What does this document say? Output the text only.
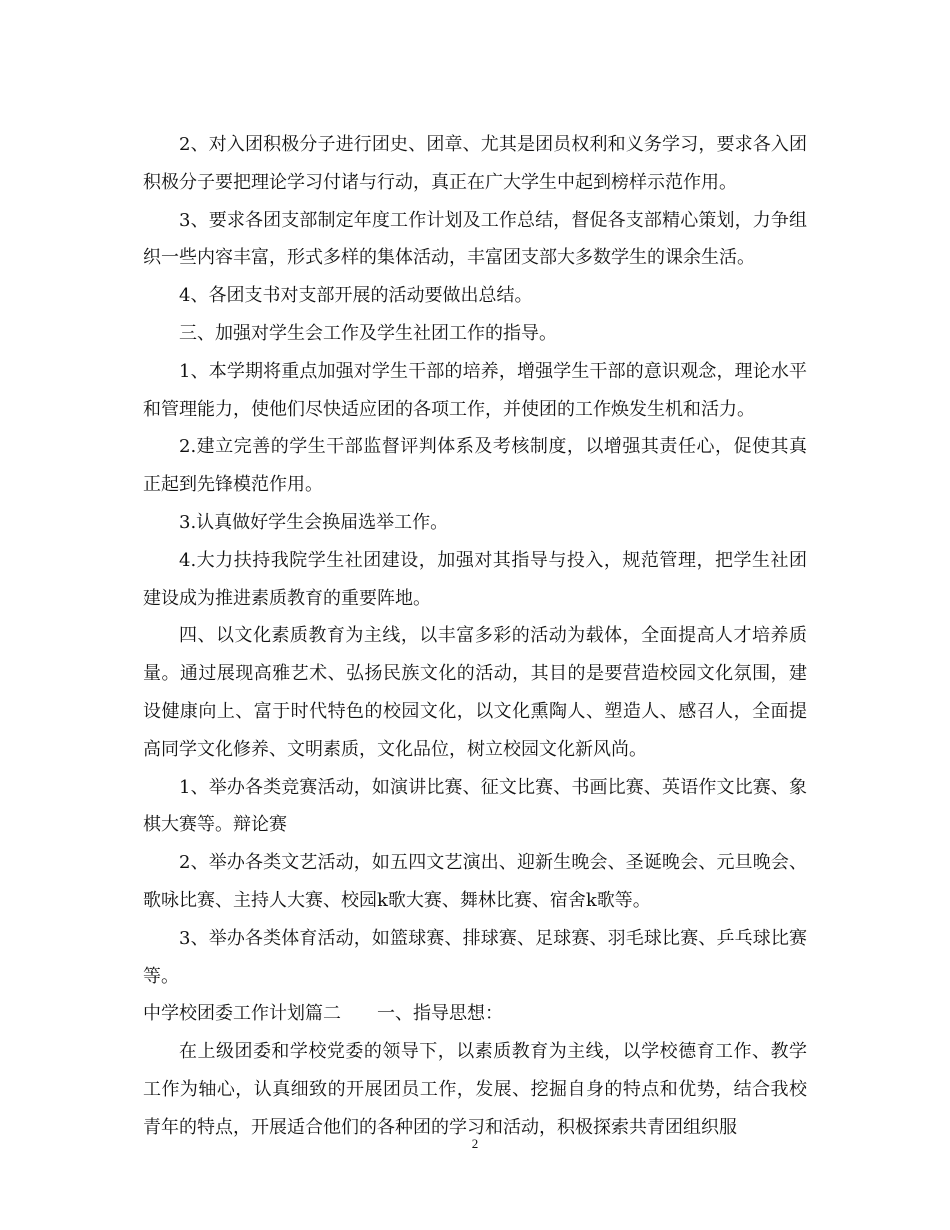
2、对入团积极分子进行团史、团章、尤其是团员权利和义务学习，要求各入团积极分子要把理论学习付诸与行动，真正在广大学生中起到榜样示范作用。

3、要求各团支部制定年度工作计划及工作总结，督促各支部精心策划，力争组织一些内容丰富，形式多样的集体活动，丰富团支部大多数学生的课余生活。

4、各团支书对支部开展的活动要做出总结。

三、加强对学生会工作及学生社团工作的指导。

1、本学期将重点加强对学生干部的培养，增强学生干部的意识观念，理论水平和管理能力，使他们尽快适应团的各项工作，并使团的工作焕发生机和活力。

2.建立完善的学生干部监督评判体系及考核制度，以增强其责任心，促使其真正起到先锋模范作用。

3.认真做好学生会换届选举工作。

4.大力扶持我院学生社团建设，加强对其指导与投入，规范管理，把学生社团建设成为推进素质教育的重要阵地。

四、以文化素质教育为主线，以丰富多彩的活动为载体，全面提高人才培养质量。通过展现高雅艺术、弘扬民族文化的活动，其目的是要营造校园文化氛围，建设健康向上、富于时代特色的校园文化，以文化熏陶人、塑造人、感召人，全面提高同学文化修养、文明素质，文化品位，树立校园文化新风尚。

1、举办各类竞赛活动，如演讲比赛、征文比赛、书画比赛、英语作文比赛、象棋大赛等。辩论赛

2、举办各类文艺活动，如五四文艺演出、迎新生晚会、圣诞晚会、元旦晚会、歌咏比赛、主持人大赛、校园k歌大赛、舞林比赛、宿舍k歌等。

3、举办各类体育活动，如篮球赛、排球赛、足球赛、羽毛球比赛、乒乓球比赛等。

中学校团委工作计划篇二　　一、指导思想：

在上级团委和学校党委的领导下，以素质教育为主线，以学校德育工作、教学工作为轴心，认真细致的开展团员工作，发展、挖掘自身的特点和优势，结合我校青年的特点，开展适合他们的各种团的学习和活动，积极探索共青团组织服

2
